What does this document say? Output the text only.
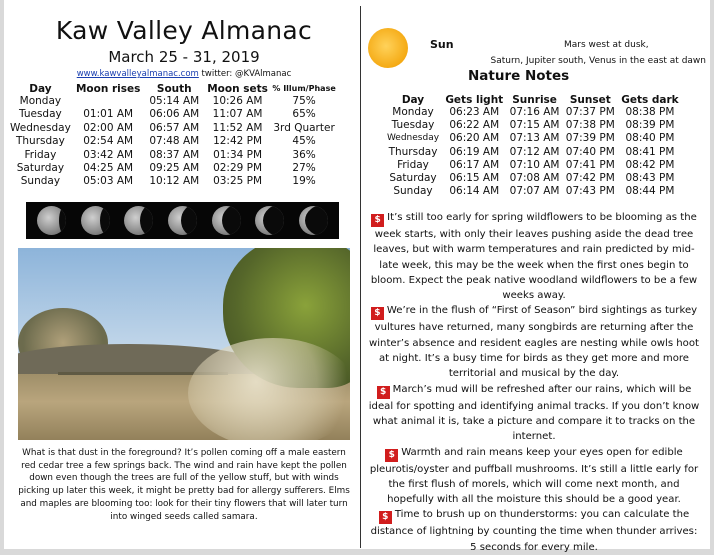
Kaw Valley Almanac
March 25 - 31, 2019
www.kawvalleyalmanac.com twitter: @KVAlmanac
Day	Moon rises	South	Moon sets	% Illum/Phase
Monday		05:14 AM	10:26 AM	75%
Tuesday	01:01 AM	06:06 AM	11:07 AM	65%
Wednesday	02:00 AM	06:57 AM	11:52 AM	3rd Quarter
Thursday	02:54 AM	07:48 AM	12:42 PM	45%
Friday	03:42 AM	08:37 AM	01:34 PM	36%
Saturday	04:25 AM	09:25 AM	02:29 PM	27%
Sunday	05:03 AM	10:12 AM	03:25 PM	19%
What is that dust in the foreground? It’s pollen coming off a male eastern red cedar tree a few springs back. The wind and rain have kept the pollen down even though the trees are full of the yellow stuff, but with winds picking up later this week, it might be pretty bad for allergy sufferers. Elms and maples are blooming too: look for their tiny flowers that will later turn into winged seeds called samara.
Sun	Mars west at dusk,
Saturn, Jupiter south, Venus in the east at dawn
Nature Notes
Day	Gets light	Sunrise	Sunset	Gets dark
Monday	06:23 AM	07:16 AM	07:37 PM	08:38 PM
Tuesday	06:22 AM	07:15 AM	07:38 PM	08:39 PM
Wednesday	06:20 AM	07:13 AM	07:39 PM	08:40 PM
Thursday	06:19 AM	07:12 AM	07:40 PM	08:41 PM
Friday	06:17 AM	07:10 AM	07:41 PM	08:42 PM
Saturday	06:15 AM	07:08 AM	07:42 PM	08:43 PM
Sunday	06:14 AM	07:07 AM	07:43 PM	08:44 PM

$ It’s still too early for spring wildflowers to be blooming as the week starts, with only their leaves pushing aside the dead tree leaves, but with warm temperatures and rain predicted by mid-late week, this may be the week when the first ones begin to bloom. Expect the peak native woodland wildflowers to be a few weeks away.

$ We’re in the flush of “First of Season” bird sightings as turkey vultures have returned, many songbirds are returning after the winter’s absence and resident eagles are nesting while owls hoot at night. It’s a busy time for birds as they get more and more territorial and musical by the day.

$ March’s mud will be refreshed after our rains, which will be ideal for spotting and identifying animal tracks. If you don’t know what animal it is, take a picture and compare it to tracks on the internet.

$ Warmth and rain means keep your eyes open for edible pleurotis/oyster and puffball mushrooms. It’s still a little early for the first flush of morels, which will come next month, and hopefully with all the moisture this should be a good year.

$ Time to brush up on thunderstorms: you can calculate the distance of lightning by counting the time when thunder arrives: 5 seconds for every mile.
